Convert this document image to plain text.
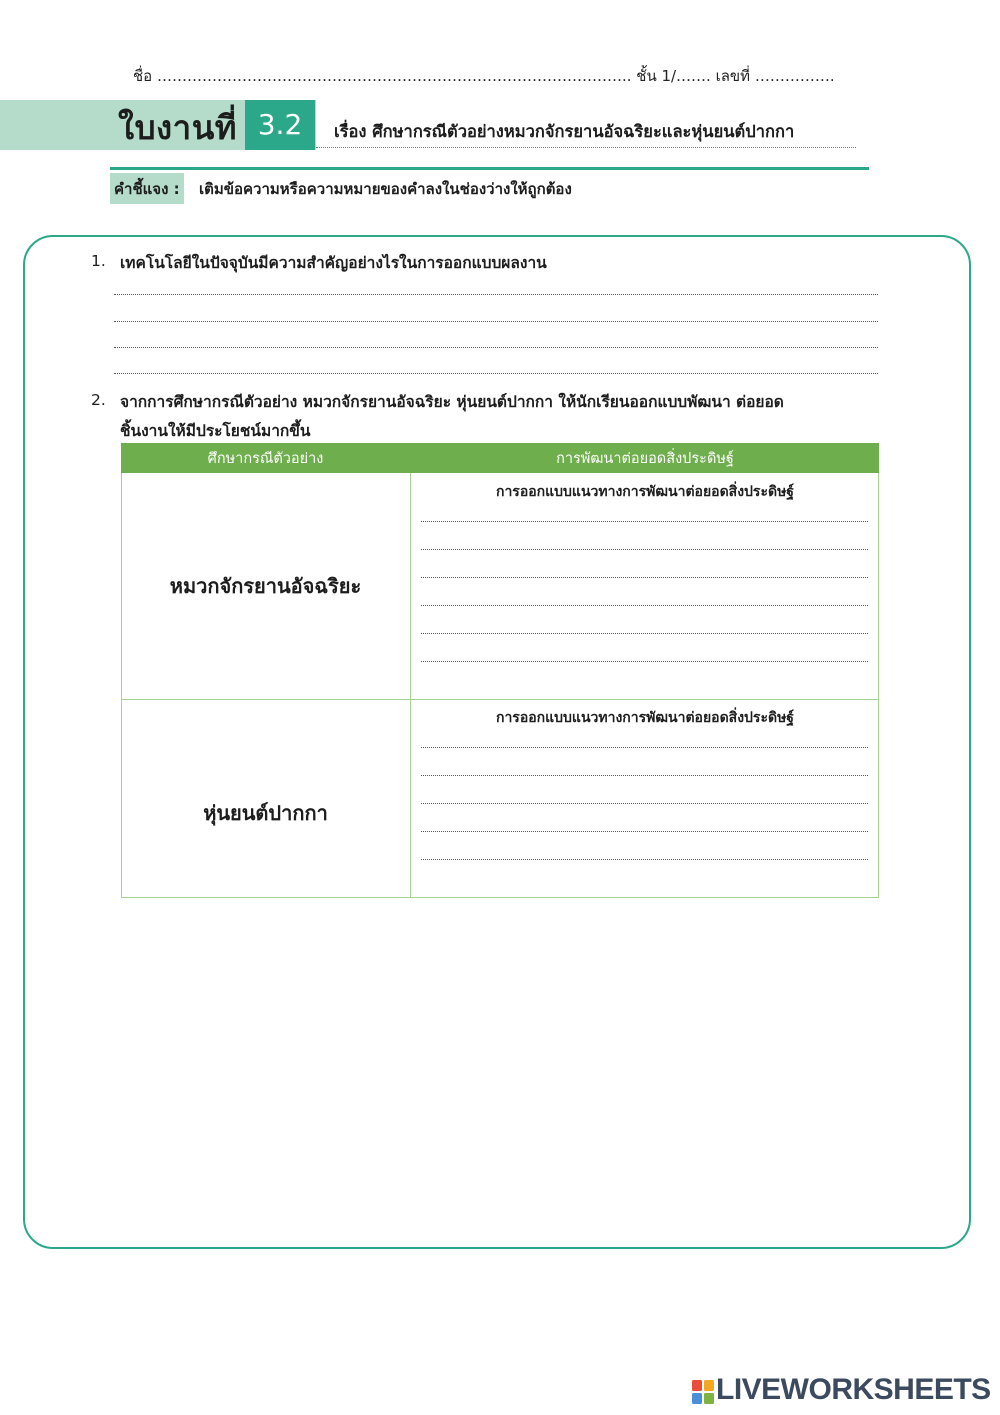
ชื่อ ………………………………………………………………………………….. ชั้น 1/……. เลขที่ …………….
ใบงานที่ 3.2	เรื่อง ศึกษากรณีตัวอย่างหมวกจักรยานอัจฉริยะและหุ่นยนต์ปากกา
คำชี้แจง : เติมข้อความหรือความหมายของคำลงในช่องว่างให้ถูกต้อง
1. เทคโนโลยีในปัจจุบันมีความสำคัญอย่างไรในการออกแบบผลงาน
2. จากการศึกษากรณีตัวอย่าง หมวกจักรยานอัจฉริยะ หุ่นยนต์ปากกา ให้นักเรียนออกแบบพัฒนา ต่อยอด
ชิ้นงานให้มีประโยชน์มากขึ้น
ศึกษากรณีตัวอย่าง	การพัฒนาต่อยอดสิ่งประดิษฐ์
หมวกจักรยานอัจฉริยะ
การออกแบบแนวทางการพัฒนาต่อยอดสิ่งประดิษฐ์
หุ่นยนต์ปากกา
การออกแบบแนวทางการพัฒนาต่อยอดสิ่งประดิษฐ์
LIVEWORKSHEETS
